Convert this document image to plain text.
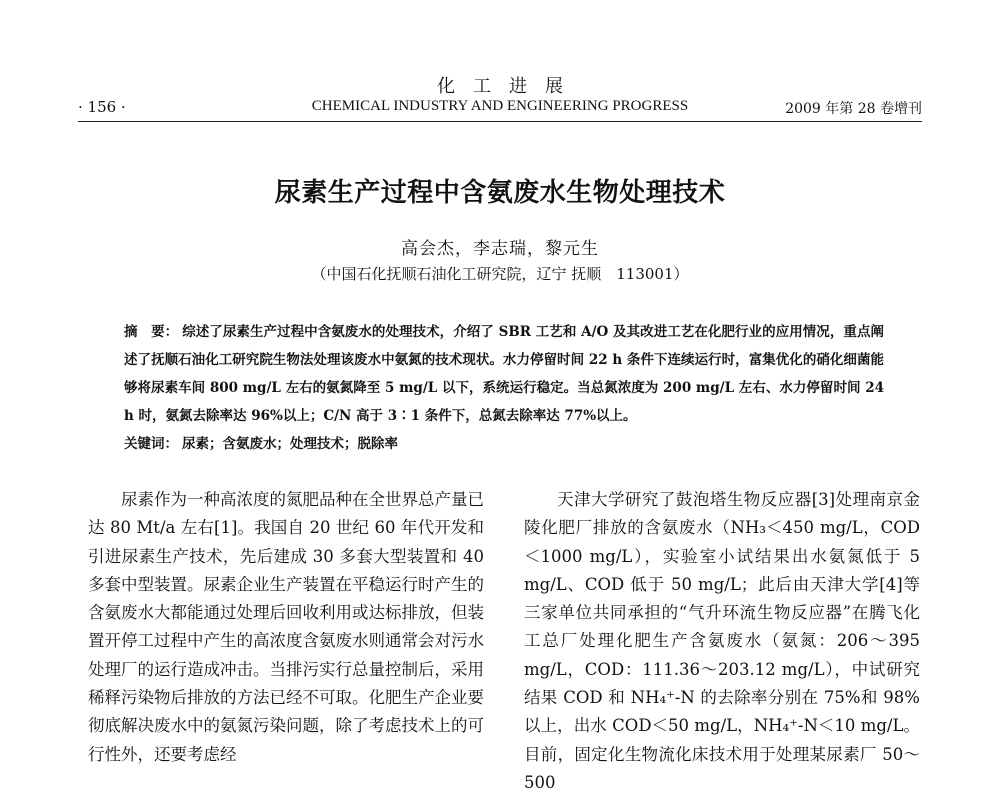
化　工　进　展
· 156 ·	CHEMICAL INDUSTRY AND ENGINEERING PROGRESS	2009 年第 28 卷增刊
尿素生产过程中含氨废水生物处理技术
高会杰，李志瑞，黎元生
（中国石化抚顺石油化工研究院，辽宁 抚顺　113001）
摘　要： 综述了尿素生产过程中含氨废水的处理技术，介绍了 SBR 工艺和 A/O 及其改进工艺在化肥行业的应用情况，重点阐述了抚顺石油化工研究院生物法处理该废水中氨氮的技术现状。水力停留时间 22 h 条件下连续运行时，富集优化的硝化细菌能够将尿素车间 800 mg/L 左右的氨氮降至 5 mg/L 以下，系统运行稳定。当总氮浓度为 200 mg/L 左右、水力停留时间 24 h 时，氨氮去除率达 96%以上；C/N 高于 3∶1 条件下，总氮去除率达 77%以上。
关键词： 尿素；含氨废水；处理技术；脱除率

尿素作为一种高浓度的氮肥品种在全世界总产量已达 80 Mt/a 左右[1]。我国自 20 世纪 60 年代开发和引进尿素生产技术，先后建成 30 多套大型装置和 40 多套中型装置。尿素企业生产装置在平稳运行时产生的含氨废水大都能通过处理后回收利用或达标排放，但装置开停工过程中产生的高浓度含氨废水则通常会对污水处理厂的运行造成冲击。当排污实行总量控制后，采用稀释污染物后排放的方法已经不可取。化肥生产企业要彻底解决废水中的氨氮污染问题，除了考虑技术上的可行性外，还要考虑经

天津大学研究了鼓泡塔生物反应器[3]处理南京金陵化肥厂排放的含氨废水（NH₃＜450 mg/L，COD＜1000 mg/L），实验室小试结果出水氨氮低于 5 mg/L、COD 低于 50 mg/L；此后由天津大学[4]等三家单位共同承担的“气升环流生物反应器”在腾飞化工总厂处理化肥生产含氨废水（氨氮：206～395 mg/L，COD：111.36～203.12 mg/L），中试研究结果 COD 和 NH₄⁺-N 的去除率分别在 75%和 98%以上，出水 COD＜50 mg/L，NH₄⁺-N＜10 mg/L。目前，固定化生物流化床技术用于处理某尿素厂 50～500
